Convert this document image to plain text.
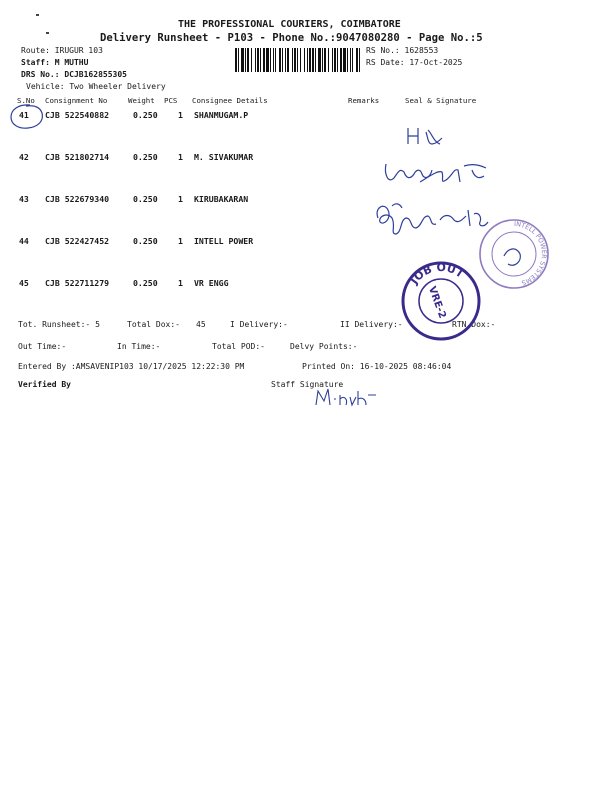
THE PROFESSIONAL COURIERS, COIMBATORE
Delivery Runsheet - P103 - Phone No.:9047080280 - Page No.:5
Route: IRUGUR 103
Staff: M MUTHU
DRS No.: DCJB162855305
Vehicle: Two Wheeler Delivery
RS No.: 1628553
RS Date: 17-Oct-2025
S.No Consignment No	Weight PCS Consignee Details	Remarks	Seal & Signature
41 CJB 522540882	0.250 1 SHANMUGAM.P
42 CJB 521802714	0.250 1 M. SIVAKUMAR
43 CJB 522679340	0.250 1 KIRUBAKARAN
44 CJB 522427452	0.250 1 INTELL POWER
45 CJB 522711279	0.250 1 VR ENGG
Tot. Runsheet:- 5	Total Dox:- 45	I Delivery:-	II Delivery:-	RTN Dox:-
Out Time:-	In Time:-	Total POD:-	Delvy Points:-
Entered By :AMSAVENIP103 10/17/2025 12:22:30 PM	Printed On: 16-10-2025 08:46:04
Verified By	Staff Signature
INTELL POWER SYSTEMS
JOB OUT
VRE-2
